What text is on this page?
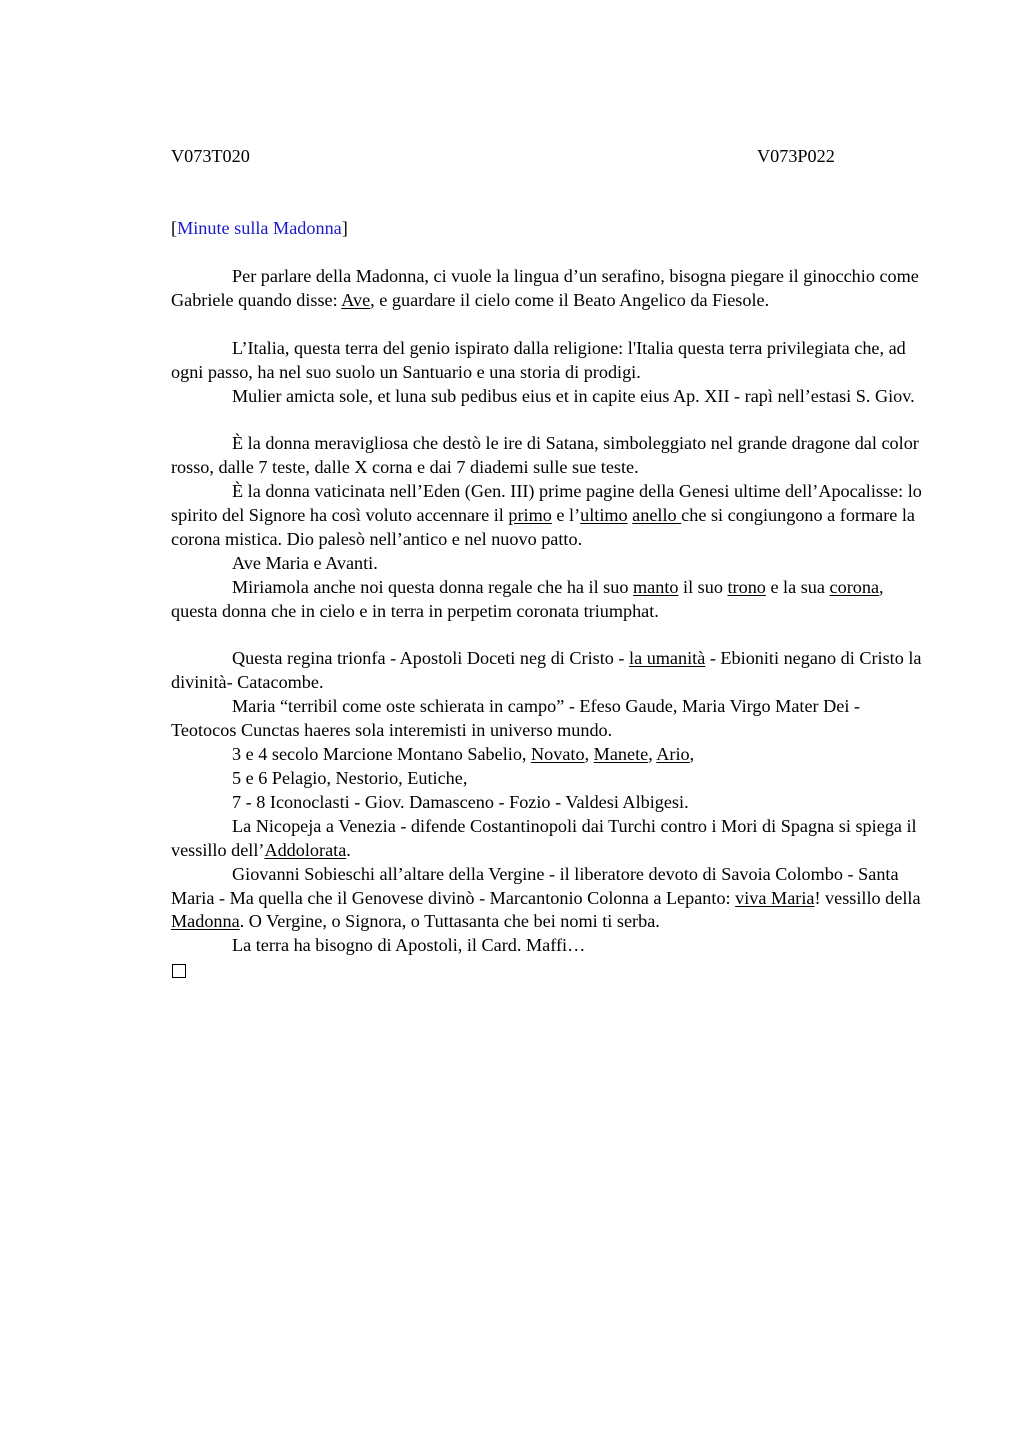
V073T020	V073P022
[Minute sulla Madonna]

Per parlare della Madonna, ci vuole la lingua d’un serafino, bisogna piegare il ginocchio come Gabriele quando disse: Ave, e guardare il cielo come il Beato Angelico da Fiesole.

L’Italia, questa terra del genio ispirato dalla religione: l'Italia questa terra privilegiata che, ad ogni passo, ha nel suo suolo un Santuario e una storia di prodigi.

Mulier amicta sole, et luna sub pedibus eius et in capite eius Ap. XII - rapì nell’estasi S. Giov.

È la donna meravigliosa che destò le ire di Satana, simboleggiato nel grande dragone dal color rosso, dalle 7 teste, dalle X corna e dai 7 diademi sulle sue teste.

È la donna vaticinata nell’Eden (Gen. III) prime pagine della Genesi ultime dell’Apocalisse: lo spirito del Signore ha così voluto accennare il primo e l’ultimo anello che si congiungono a formare la corona mistica. Dio palesò nell’antico e nel nuovo patto.

Ave Maria e Avanti.

Miriamola anche noi questa donna regale che ha il suo manto il suo trono e la sua corona, questa donna che in cielo e in terra in perpetim coronata triumphat.

Questa regina trionfa - Apostoli Doceti neg di Cristo - la umanità - Ebioniti negano di Cristo la divinità- Catacombe.

Maria “terribil come oste schierata in campo” - Efeso Gaude, Maria Virgo Mater Dei - Teotocos Cunctas haeres sola interemisti in universo mundo.

3 e 4 secolo Marcione Montano Sabelio, Novato, Manete, Ario,

5 e 6 Pelagio, Nestorio, Eutiche,

7 - 8 Iconoclasti - Giov. Damasceno - Fozio - Valdesi Albigesi.

La Nicopeja a Venezia - difende Costantinopoli dai Turchi contro i Mori di Spagna si spiega il vessillo dell’Addolorata.

Giovanni Sobieschi all’altare della Vergine - il liberatore devoto di Savoia Colombo - Santa Maria - Ma quella che il Genovese divinò - Marcantonio Colonna a Lepanto: viva Maria! vessillo della Madonna. O Vergine, o Signora, o Tuttasanta che bei nomi ti serba.

La terra ha bisogno di Apostoli, il Card. Maffi…
